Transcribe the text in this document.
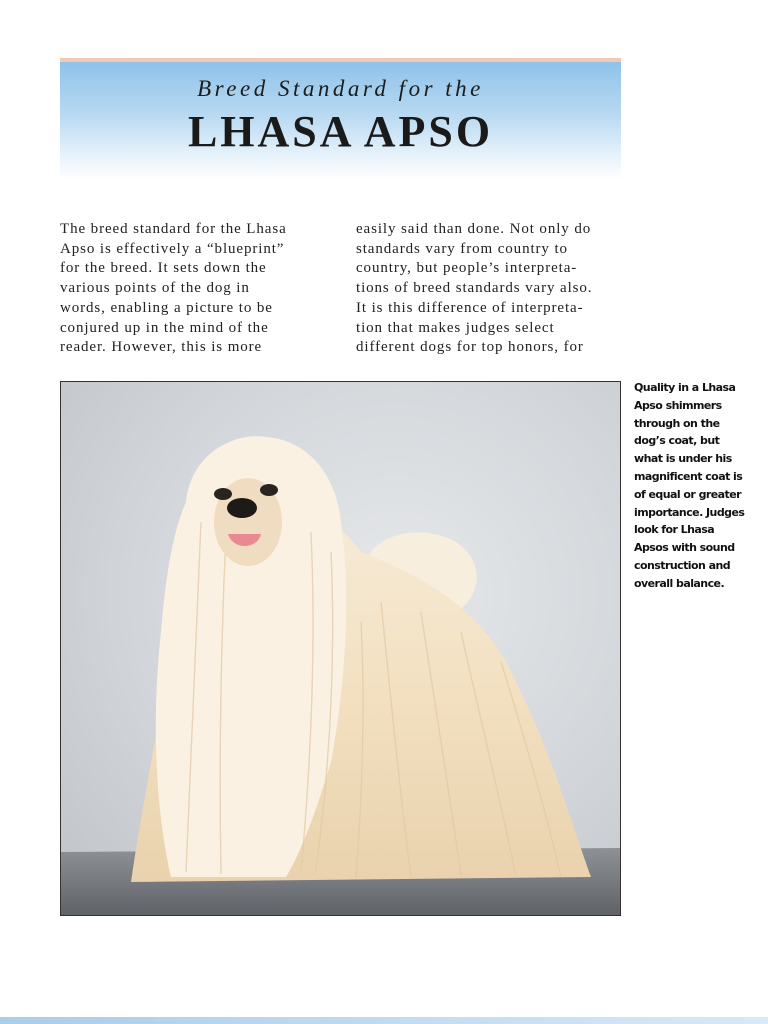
Breed Standard for the
LHASA APSO
The breed standard for the Lhasa
Apso is effectively a “blueprint”
for the breed. It sets down the
various points of the dog in
words, enabling a picture to be
conjured up in the mind of the
reader. However, this is more
easily said than done. Not only do
standards vary from country to
country, but people’s interpreta-
tions of breed standards vary also.
It is this difference of interpreta-
tion that makes judges select
different dogs for top honors, for
Quality in a Lhasa
Apso shimmers
through on the
dog’s coat, but
what is under his
magnificent coat is
of equal or greater
importance. Judges
look for Lhasa
Apsos with sound
construction and
overall balance.
